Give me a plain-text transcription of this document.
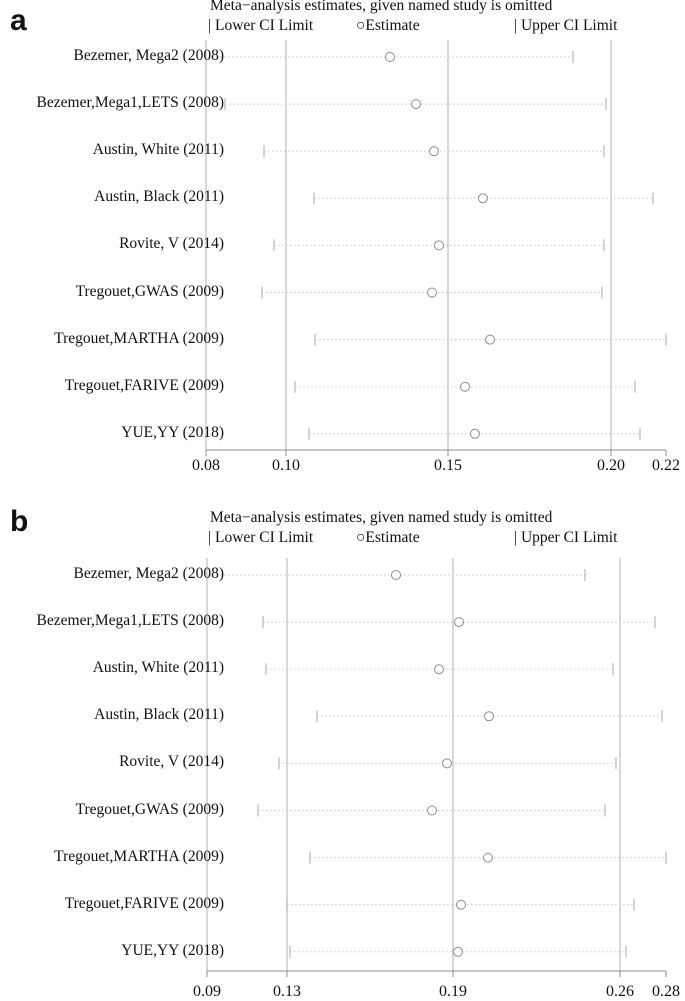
a	Meta−analysis estimates, given named study is omitted
| Lower CI Limit	○Estimate	| Upper CI Limit
Bezemer, Mega2 (2008)
Bezemer,Mega1,LETS (2008)
Austin, White (2011)
Austin, Black (2011)
Rovite, V (2014)
Tregouet,GWAS (2009)
Tregouet,MARTHA (2009)
Tregouet,FARIVE (2009)
YUE,YY (2018)
0.08	0.10	0.15	0.20 0.22
b	Meta−analysis estimates, given named study is omitted
| Lower CI Limit	○Estimate	| Upper CI Limit
Bezemer, Mega2 (2008)
Bezemer,Mega1,LETS (2008)
Austin, White (2011)
Austin, Black (2011)
Rovite, V (2014)
Tregouet,GWAS (2009)
Tregouet,MARTHA (2009)
Tregouet,FARIVE (2009)
YUE,YY (2018)
0.09	0.13	0.19	0.26 0.28
